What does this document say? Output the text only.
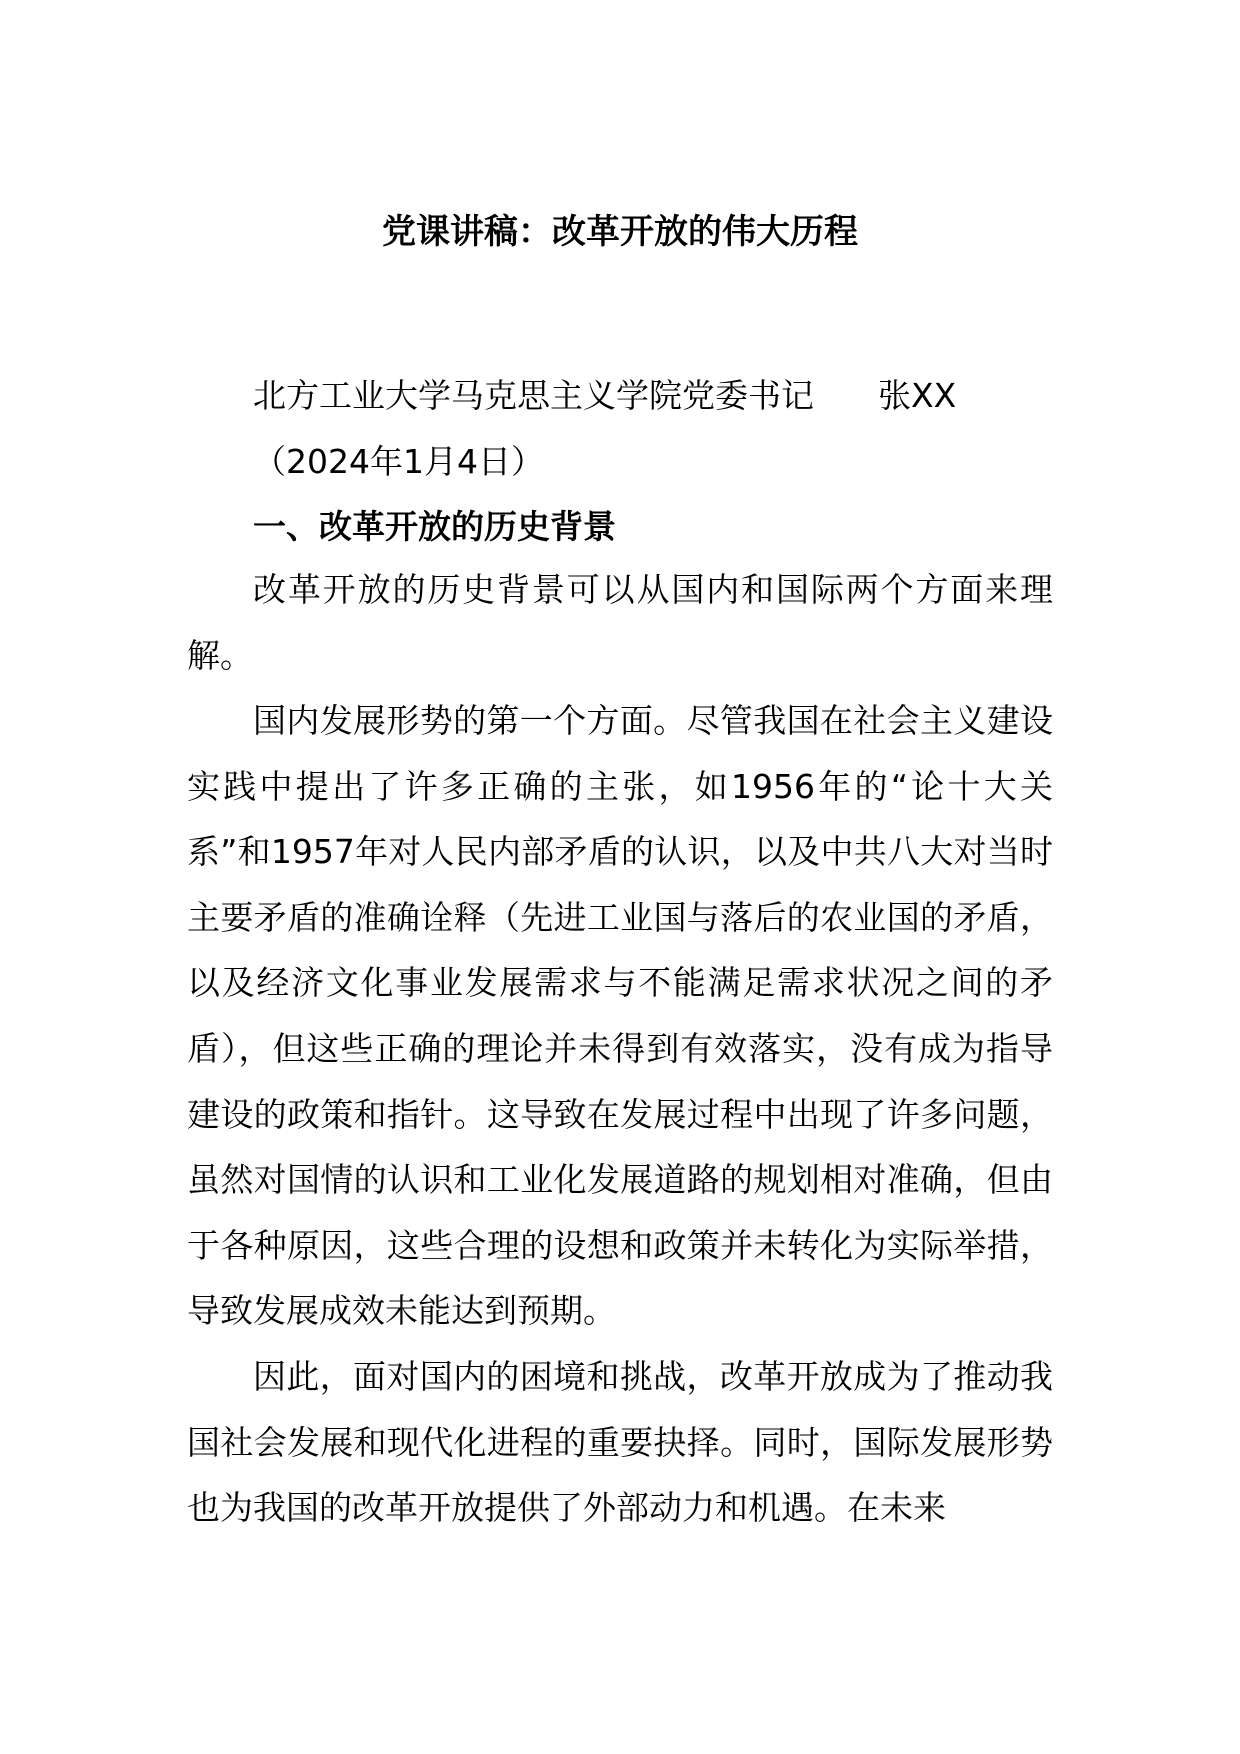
党课讲稿：改革开放的伟大历程
北方工业大学马克思主义学院党委书记 张XX
（2024年1月4日）
一、改革开放的历史背景

改革开放的历史背景可以从国内和国际两个方面来理解。

国内发展形势的第一个方面。尽管我国在社会主义建设实践中提出了许多正确的主张，如1956年的“论十大关系”和1957年对人民内部矛盾的认识，以及中共八大对当时主要矛盾的准确诠释（先进工业国与落后的农业国的矛盾，以及经济文化事业发展需求与不能满足需求状况之间的矛盾），但这些正确的理论并未得到有效落实，没有成为指导建设的政策和指针。这导致在发展过程中出现了许多问题，虽然对国情的认识和工业化发展道路的规划相对准确，但由于各种原因，这些合理的设想和政策并未转化为实际举措，导致发展成效未能达到预期。

因此，面对国内的困境和挑战，改革开放成为了推动我国社会发展和现代化进程的重要抉择。同时，国际发展形势也为我国的改革开放提供了外部动力和机遇。在未来
